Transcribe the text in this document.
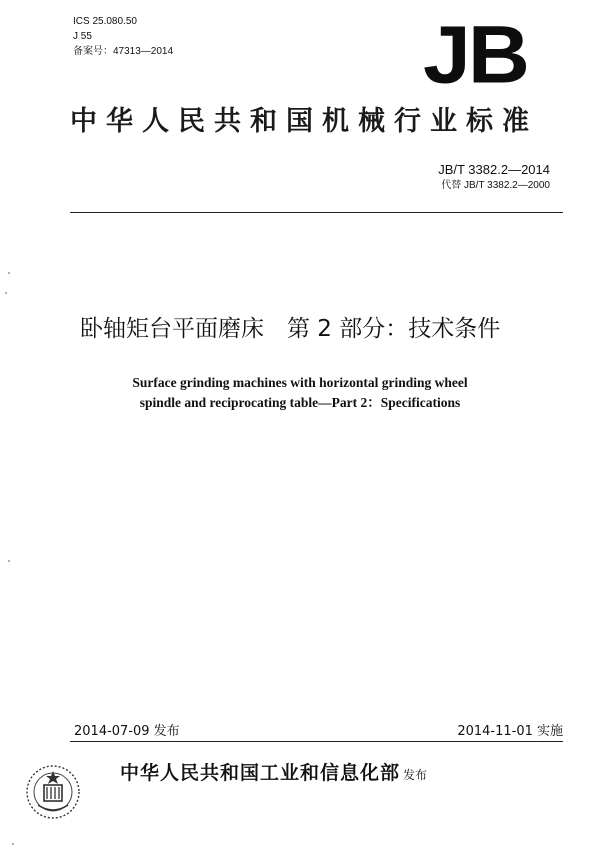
ICS 25.080.50
J 55
备案号：47313—2014	JB
中华人民共和国机械行业标准
JB/T 3382.2—2014
代替 JB/T 3382.2—2000
卧轴矩台平面磨床　第 2 部分：技术条件
Surface grinding machines with horizontal grinding wheel
spindle and reciprocating table—Part 2：Specifications
2014-07-09 发布	2014-11-01 实施
中华人民共和国工业和信息化部 发布
